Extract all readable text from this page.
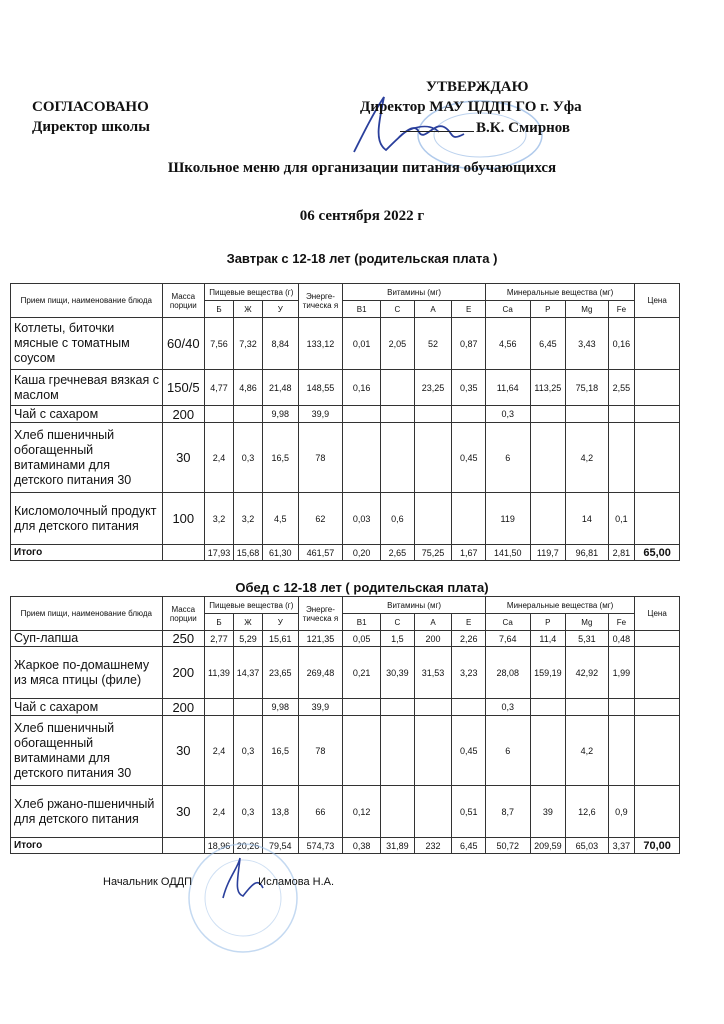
СОГЛАСОВАНО
Директор школы
УТВЕРЖДАЮ
Директор МАУ ЦДДП ГО г. Уфа
В.К. Смирнов
Школьное меню для организации питания обучающихся
06 сентября 2022 г
Завтрак с 12-18 лет (родительская плата )
Прием пищи, наименование блюда	Масса порции	Пищевые вещества (г)			Энерге-тическа я	Витамины (мг)				Минеральные вещества (мг)				Цена
		Б	Ж	У		В1	С	А	Е	Са	Р	Mg	Fe	
Котлеты, биточки мясные с томатным соусом	60/40	7,56	7,32	8,84	133,12	0,01	2,05	52	0,87	4,56	6,45	3,43	0,16	
Каша гречневая вязкая с маслом	150/5	4,77	4,86	21,48	148,55	0,16		23,25	0,35	11,64	113,25	75,18	2,55	
Чай с сахаром	200			9,98	39,9					0,3				
Хлеб пшеничный обогащенный витаминами для детского питания 30	30	2,4	0,3	16,5	78				0,45	6		4,2		
Кисломолочный продукт для детского питания	100	3,2	3,2	4,5	62	0,03	0,6			119		14	0,1	
Итого		17,93	15,68	61,30	461,57	0,20	2,65	75,25	1,67	141,50	119,7	96,81	2,81	65,00
Обед с 12-18 лет ( родительская плата)
Прием пищи, наименование блюда	Масса порции	Пищевые вещества (г)			Энерге-тическа я	Витамины (мг)				Минеральные вещества (мг)				Цена
		Б	Ж	У		В1	С	А	Е	Са	Р	Mg	Fe	
Суп-лапша	250	2,77	5,29	15,61	121,35	0,05	1,5	200	2,26	7,64	11,4	5,31	0,48	
Жаркое по-домашнему из мяса птицы (филе)	200	11,39	14,37	23,65	269,48	0,21	30,39	31,53	3,23	28,08	159,19	42,92	1,99	
Чай с сахаром	200			9,98	39,9					0,3				
Хлеб пшеничный обогащенный витаминами для детского питания 30	30	2,4	0,3	16,5	78				0,45	6		4,2		
Хлеб ржано-пшеничный для детского питания	30	2,4	0,3	13,8	66	0,12			0,51	8,7	39	12,6	0,9	
Итого		18,96	20,26	79,54	574,73	0,38	31,89	232	6,45	50,72	209,59	65,03	3,37	70,00
Начальник ОДДП	Исламова Н.А.
